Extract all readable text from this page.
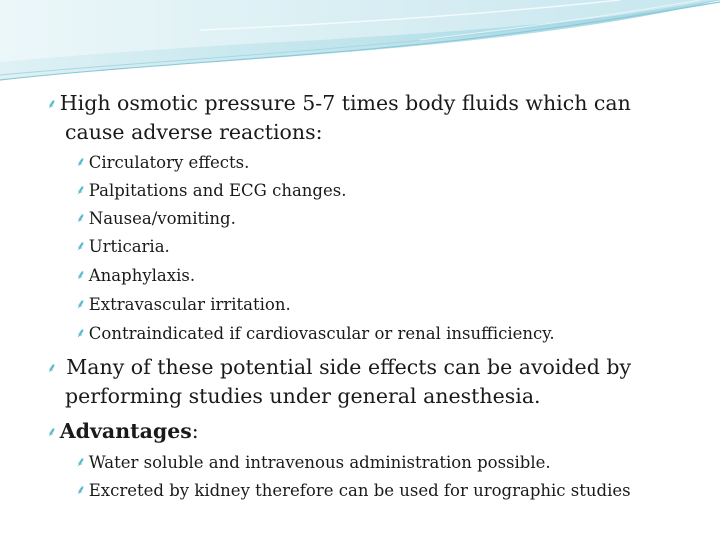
⸙ High osmotic pressure 5-7 times body fluids which can
cause adverse reactions:
⸙ Circulatory effects.
⸙ Palpitations and ECG changes.
⸙ Nausea/vomiting.
⸙ Urticaria.
⸙ Anaphylaxis.
⸙ Extravascular irritation.
⸙ Contraindicated if cardiovascular or renal insufficiency.
⸙ Many of these potential side effects can be avoided by
performing studies under general anesthesia.
⸙ Advantages:
⸙ Water soluble and intravenous administration possible.
⸙ Excreted by kidney therefore can be used for urographic studies
